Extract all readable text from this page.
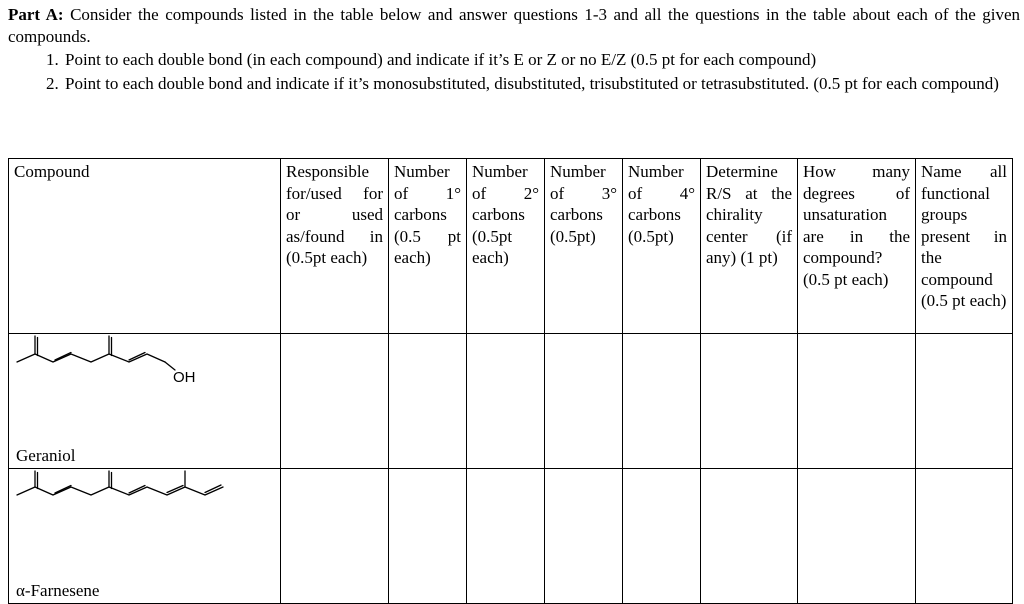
Part A: Consider the compounds listed in the table below and answer questions 1-3 and all the questions in the table about each of the given compounds.

1. Point to each double bond (in each compound) and indicate if it’s E or Z or no E/Z (0.5 pt for each compound)
2. Point to each double bond and indicate if it’s monosubstituted, disubstituted, trisubstituted or tetrasubstituted. (0.5 pt for each compound)
Compound	Responsible for/used for or used as/found in (0.5pt each)	Number of 1° carbons (0.5 pt each)	Number of 2° carbons (0.5pt each)	Number of 3° carbons (0.5pt)	Number of 4° carbons (0.5pt)	Determine R/S at the chirality center (if any) (1 pt)	How many degrees of unsaturation are in the compound? (0.5 pt each)	Name all functional groups present in the compound (0.5 pt each)

OH
Geraniol								

α-Farnesene								
